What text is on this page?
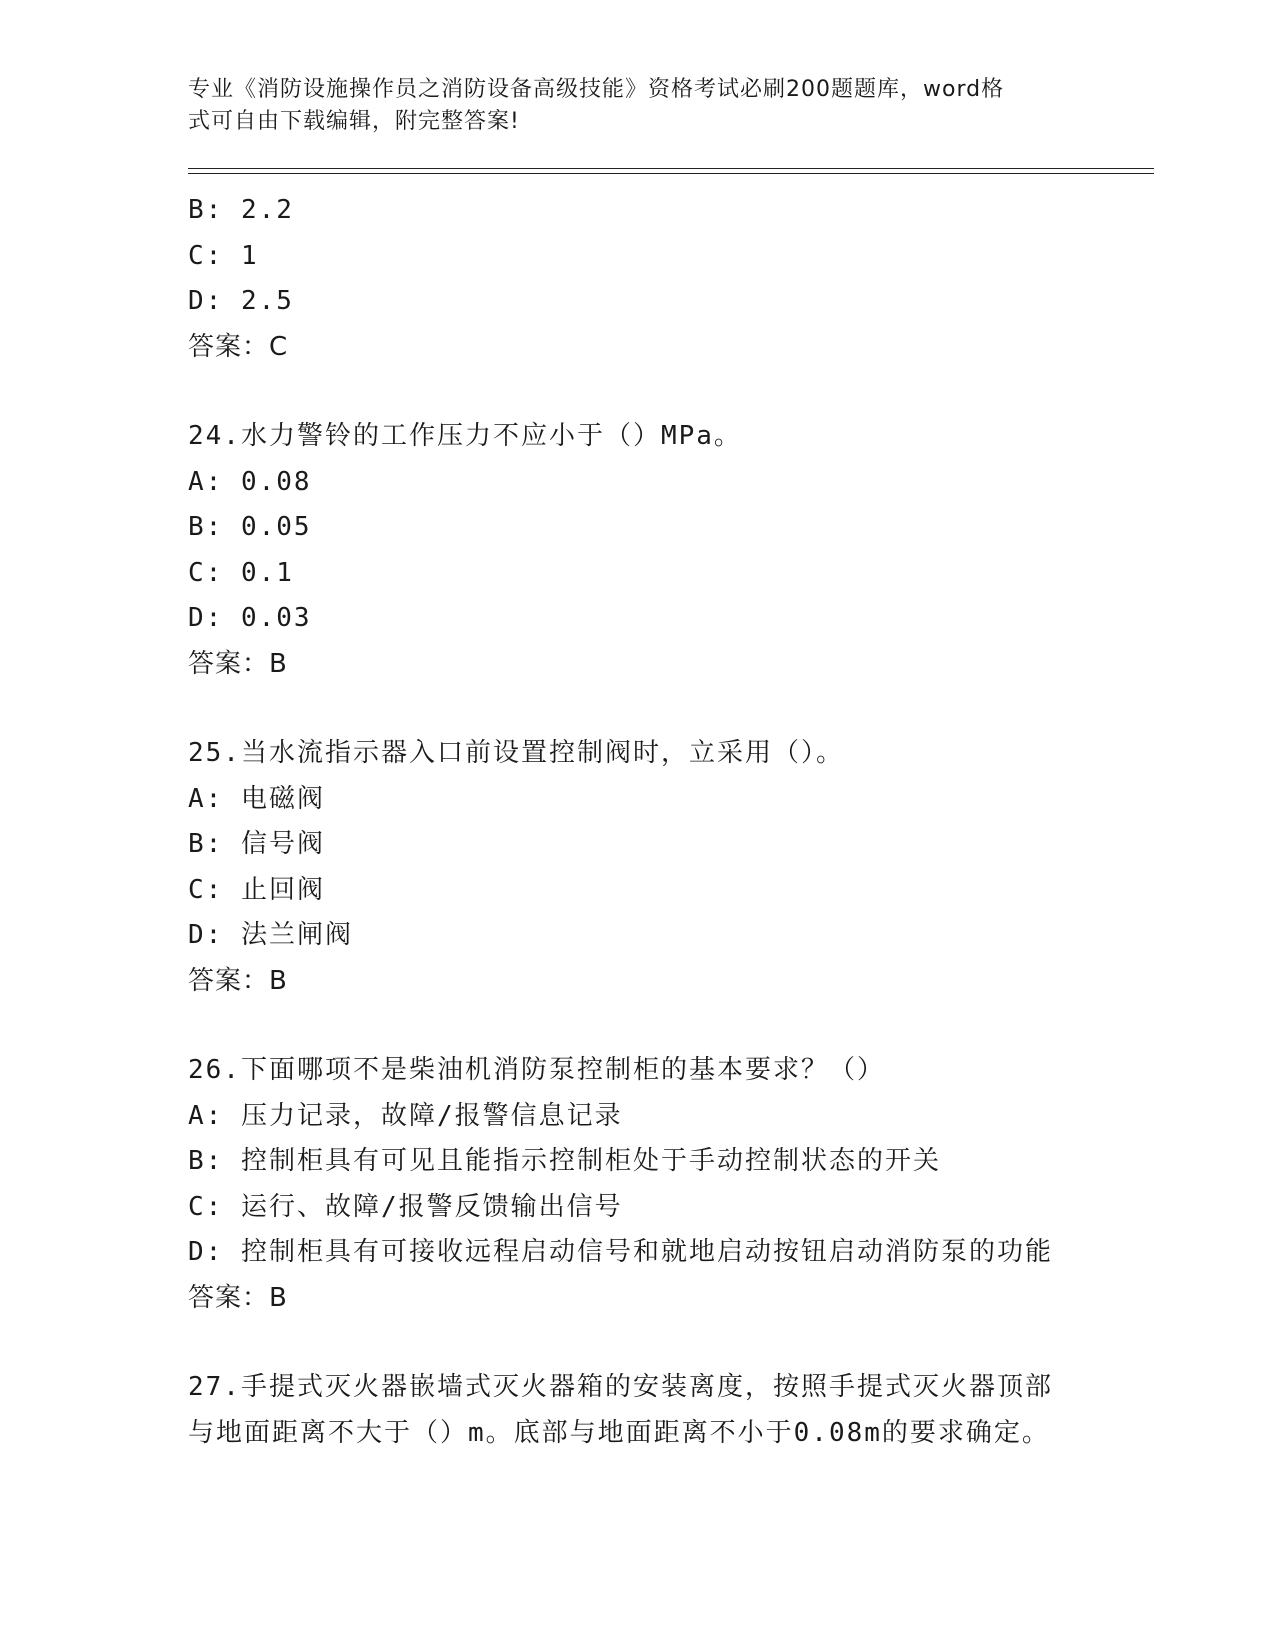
专业《消防设施操作员之消防设备高级技能》资格考试必刷200题题库，word格
式可自由下载编辑，附完整答案!
B: 2.2
C: 1
D: 2.5
答案：C
24.水力警铃的工作压力不应小于（）MPa。
A: 0.08
B: 0.05
C: 0.1
D: 0.03
答案：B
25.当水流指示器入口前设置控制阀时，立采用（）。
A: 电磁阀
B: 信号阀
C: 止回阀
D: 法兰闸阀
答案：B
26.下面哪项不是柴油机消防泵控制柜的基本要求？（）
A: 压力记录，故障/报警信息记录
B: 控制柜具有可见且能指示控制柜处于手动控制状态的开关
C: 运行、故障/报警反馈输出信号
D: 控制柜具有可接收远程启动信号和就地启动按钮启动消防泵的功能
答案：B
27.手提式灭火器嵌墙式灭火器箱的安装离度，按照手提式灭火器顶部
与地面距离不大于（）m。底部与地面距离不小于0.08m的要求确定。
